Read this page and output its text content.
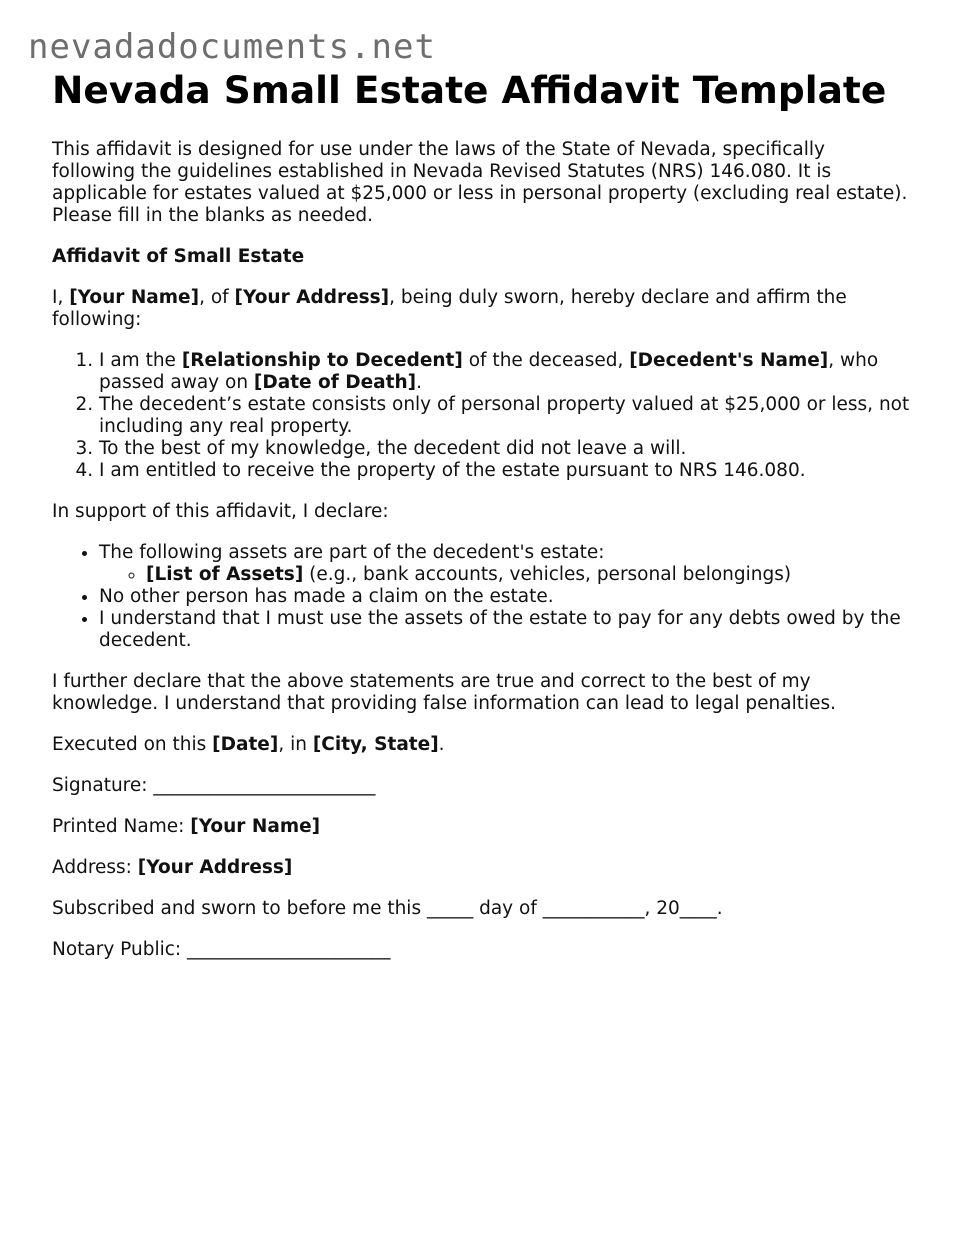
nevadadocuments.net
Nevada Small Estate Affidavit Template

This affidavit is designed for use under the laws of the State of Nevada, specifically following the guidelines established in Nevada Revised Statutes (NRS) 146.080. It is applicable for estates valued at $25,000 or less in personal property (excluding real estate). Please fill in the blanks as needed.

Affidavit of Small Estate

I, [Your Name], of [Your Address], being duly sworn, hereby declare and affirm the following:

1. I am the [Relationship to Decedent] of the deceased, [Decedent's Name], who passed away on [Date of Death].
2. The decedent’s estate consists only of personal property valued at $25,000 or less, not including any real property.
3. To the best of my knowledge, the decedent did not leave a will.
4. I am entitled to receive the property of the estate pursuant to NRS 146.080.

In support of this affidavit, I declare:

• The following assets are part of the decedent's estate:
◦ [List of Assets] (e.g., bank accounts, vehicles, personal belongings)
• No other person has made a claim on the estate.
• I understand that I must use the assets of the estate to pay for any debts owed by the decedent.

I further declare that the above statements are true and correct to the best of my knowledge. I understand that providing false information can lead to legal penalties.

Executed on this [Date], in [City, State].

Signature: ________________________

Printed Name: [Your Name]

Address: [Your Address]

Subscribed and sworn to before me this _____ day of ___________, 20____.

Notary Public: ______________________
